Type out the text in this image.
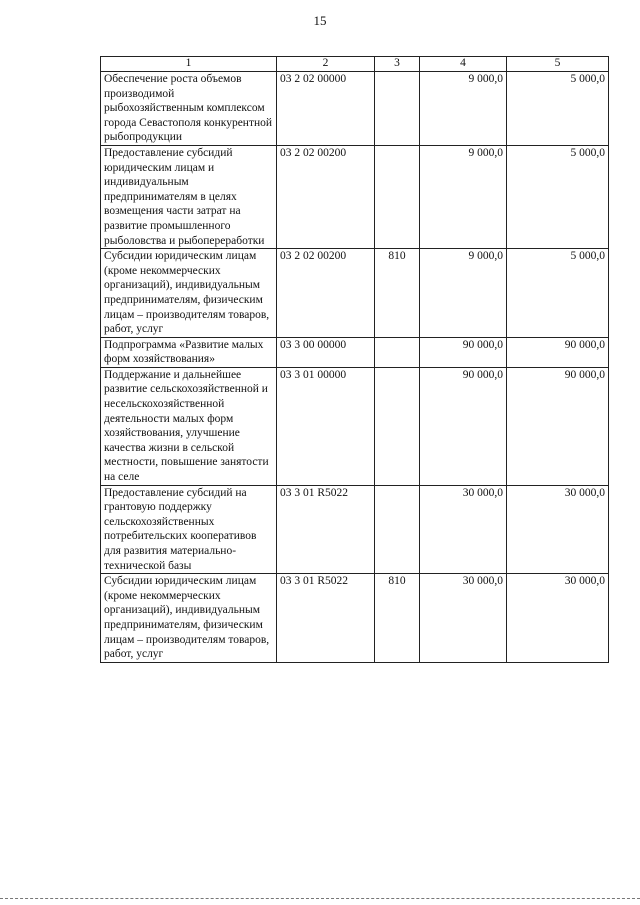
15
1	2	3	4	5
Обеспечение роста объемов производимой рыбохозяйственным комплексом города Севастополя конкурентной рыбопродукции	03 2 02 00000		9 000,0	5 000,0
Предоставление субсидий юридическим лицам и индивидуальным предпринимателям в целях возмещения части затрат на развитие промышленного рыболовства и рыбопереработки	03 2 02 00200		9 000,0	5 000,0
Субсидии юридическим лицам (кроме некоммерческих организаций), индивидуальным предпринимателям, физическим лицам – производителям товаров, работ, услуг	03 2 02 00200	810	9 000,0	5 000,0
Подпрограмма «Развитие малых форм хозяйствования»	03 3 00 00000		90 000,0	90 000,0
Поддержание и дальнейшее развитие сельскохозяйственной и несельскохозяйственной деятельности малых форм хозяйствования, улучшение качества жизни в сельской местности, повышение занятости на селе	03 3 01 00000		90 000,0	90 000,0
Предоставление субсидий на грантовую поддержку сельскохозяйственных потребительских кооперативов для развития материально-технической базы	03 3 01 R5022		30 000,0	30 000,0
Субсидии юридическим лицам (кроме некоммерческих организаций), индивидуальным предпринимателям, физическим лицам – производителям товаров, работ, услуг	03 3 01 R5022	810	30 000,0	30 000,0
